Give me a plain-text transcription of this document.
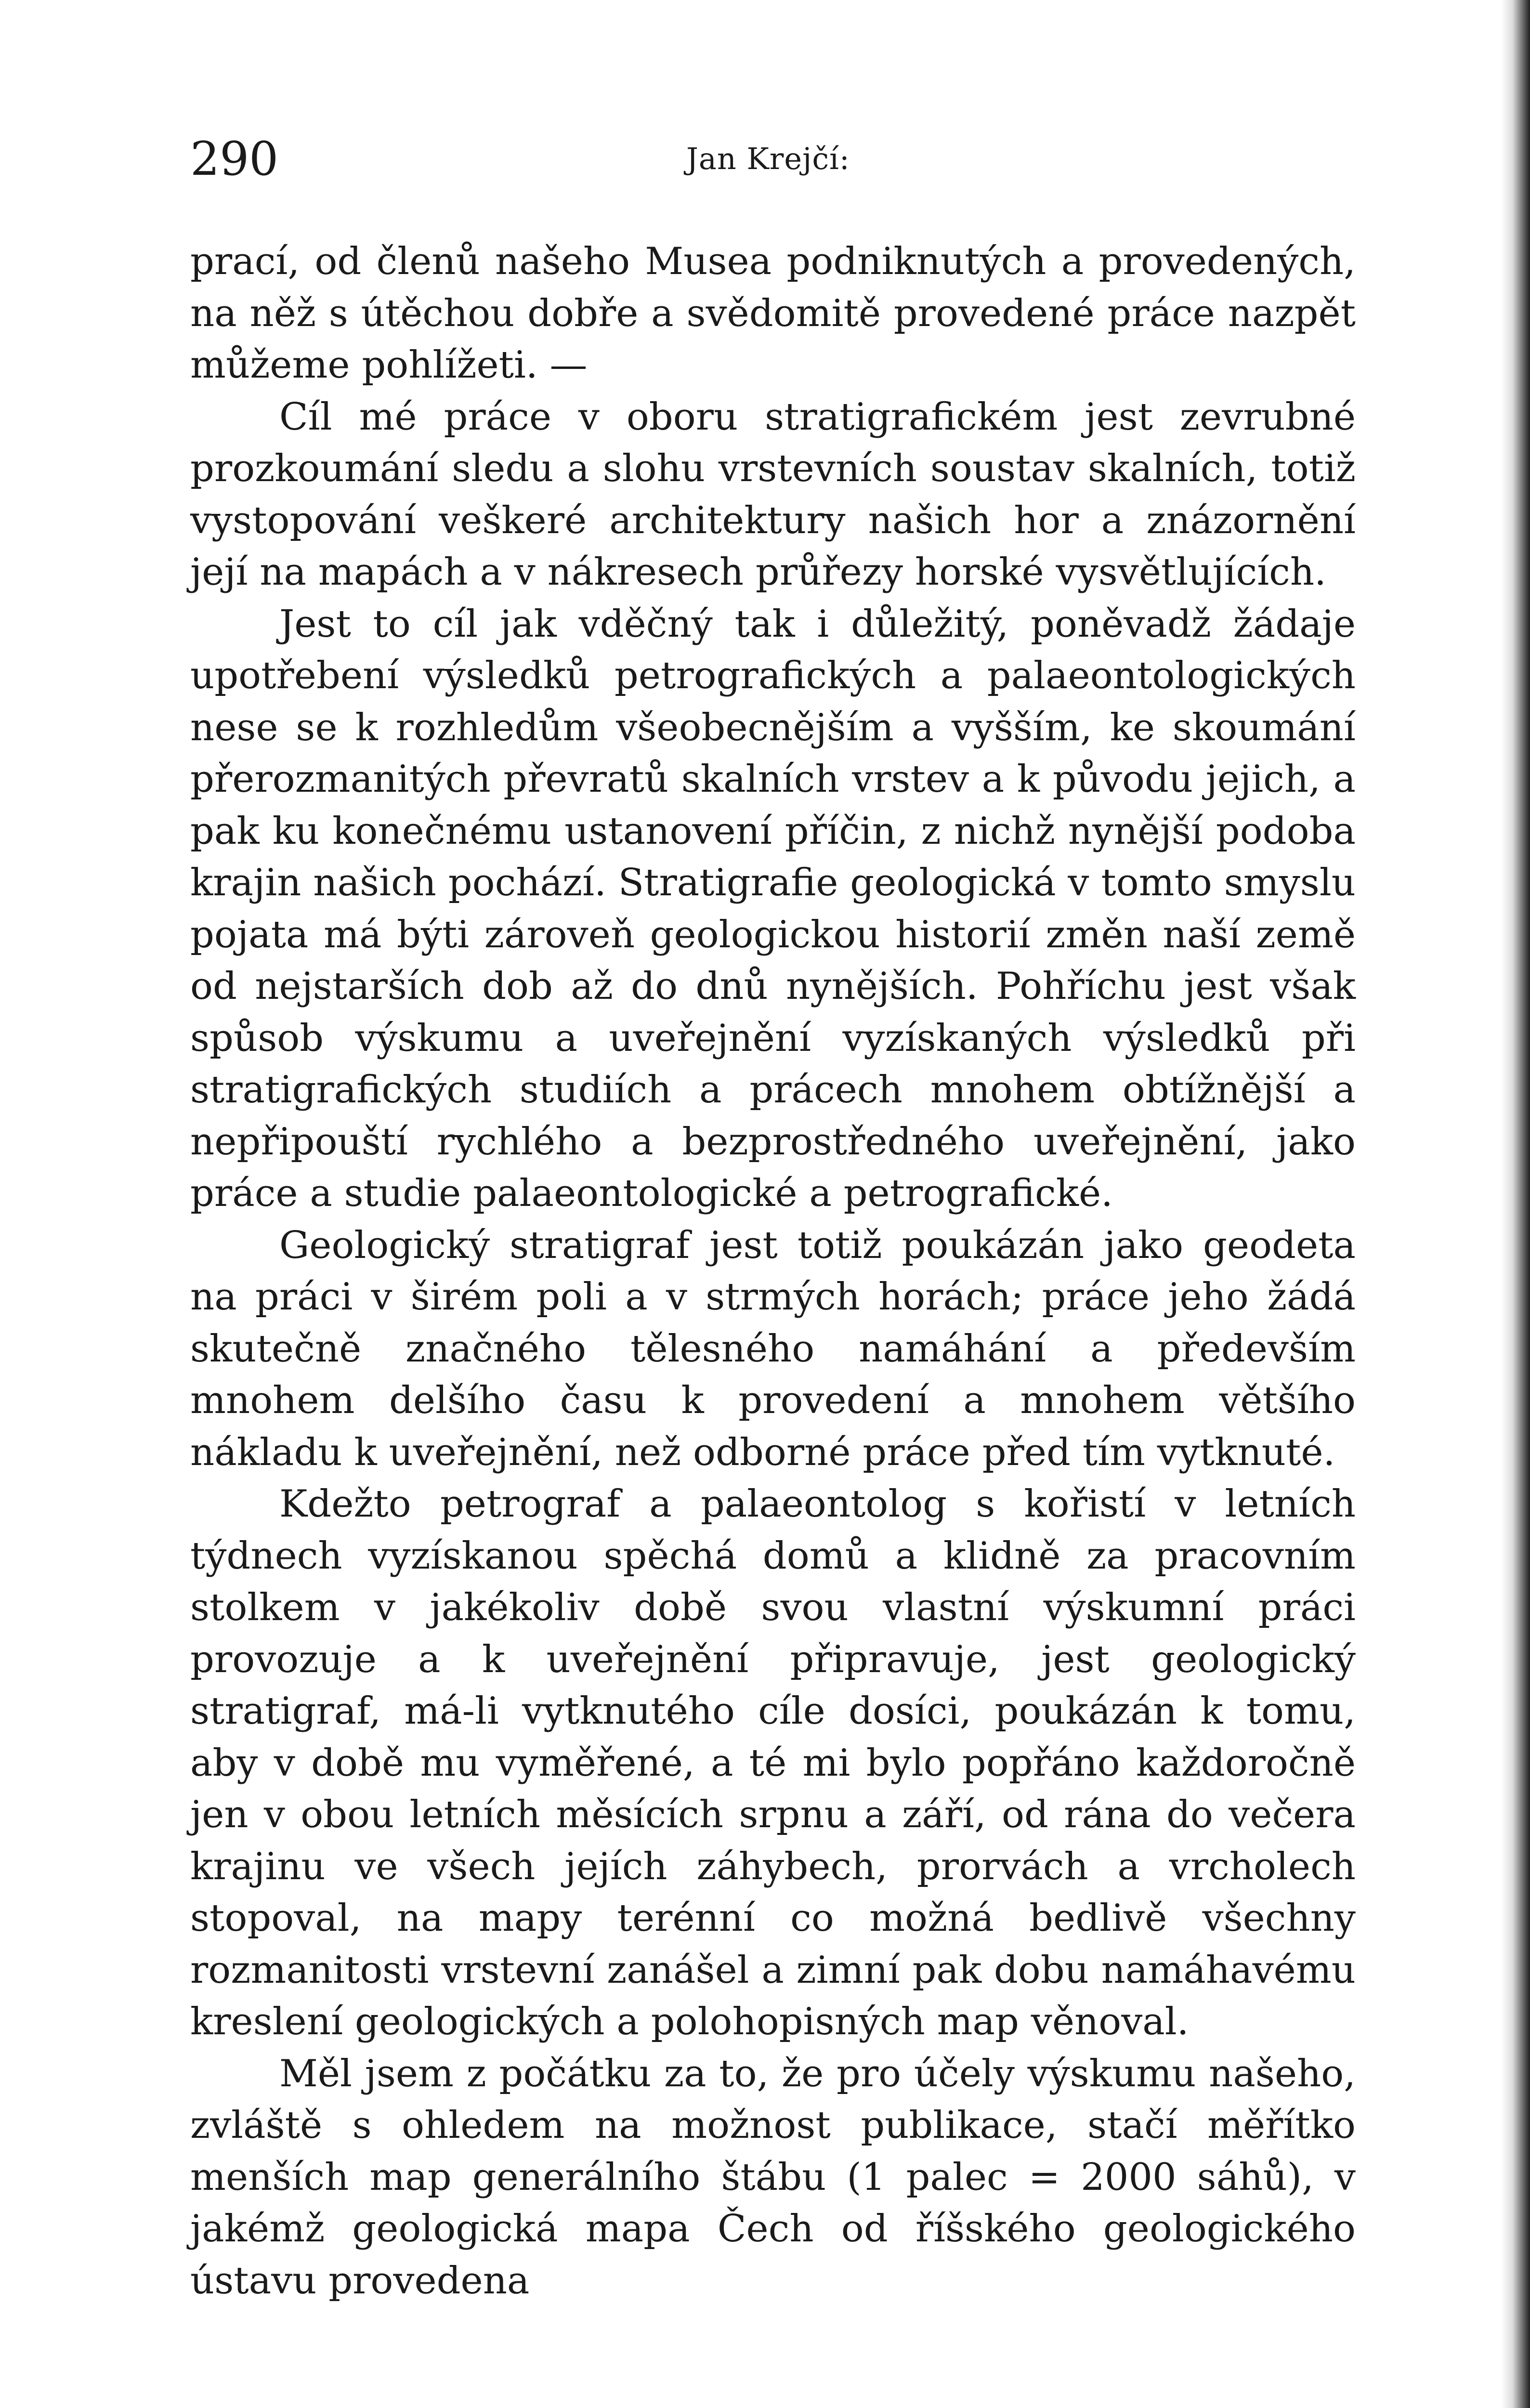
290	Jan Krejčí:

prací, od členů našeho Musea podniknutých a provedených, na něž s útěchou dobře a svědomitě provedené práce nazpět můžeme pohlížeti. —

Cíl mé práce v oboru stratigrafickém jest zevrubné prozkoumání sledu a slohu vrstevních soustav skalních, totiž vystopování veškeré architektury našich hor a znázornění její na mapách a v nákresech průřezy horské vysvětlujících.

Jest to cíl jak vděčný tak i důležitý, poněvadž žádaje upotřebení výsledků petrografických a palaeontologických nese se k rozhledům všeobecnějším a vyšším, ke skoumání přerozmanitých převratů skalních vrstev a k původu jejich, a pak ku konečnému ustanovení příčin, z nichž nynější podoba krajin našich pochází. Stratigrafie geologická v tomto smyslu pojata má býti zároveň geologickou historií změn naší země od nejstarších dob až do dnů nynějších. Pohříchu jest však spůsob výskumu a uveřejnění vyzískaných výsledků při stratigrafických studiích a prácech mnohem obtížnější a nepřipouští rychlého a bezprostředného uveřejnění, jako práce a studie palaeontologické a petrografické.

Geologický stratigraf jest totiž poukázán jako geodeta na práci v širém poli a v strmých horách; práce jeho žádá skutečně značného tělesného namáhání a především mnohem delšího času k provedení a mnohem většího nákladu k uveřejnění, než odborné práce před tím vytknuté.

Kdežto petrograf a palaeontolog s kořistí v letních týdnech vyzískanou spěchá domů a klidně za pracovním stolkem v jakékoliv době svou vlastní výskumní práci provozuje a k uveřejnění připravuje, jest geologický stratigraf, má-li vytknutého cíle dosíci, poukázán k tomu, aby v době mu vyměřené, a té mi bylo popřáno každoročně jen v obou letních měsících srpnu a září, od rána do večera krajinu ve všech jejích záhybech, prorvách a vrcholech stopoval, na mapy terénní co možná bedlivě všechny rozmanitosti vrstevní zanášel a zimní pak dobu namáhavému kreslení geologických a polohopisných map věnoval.

Měl jsem z počátku za to, že pro účely výskumu našeho, zvláště s ohledem na možnost publikace, stačí měřítko menších map generálního štábu (1 palec = 2000 sáhů), v jakémž geologická mapa Čech od říšského geologického ústavu provedena
